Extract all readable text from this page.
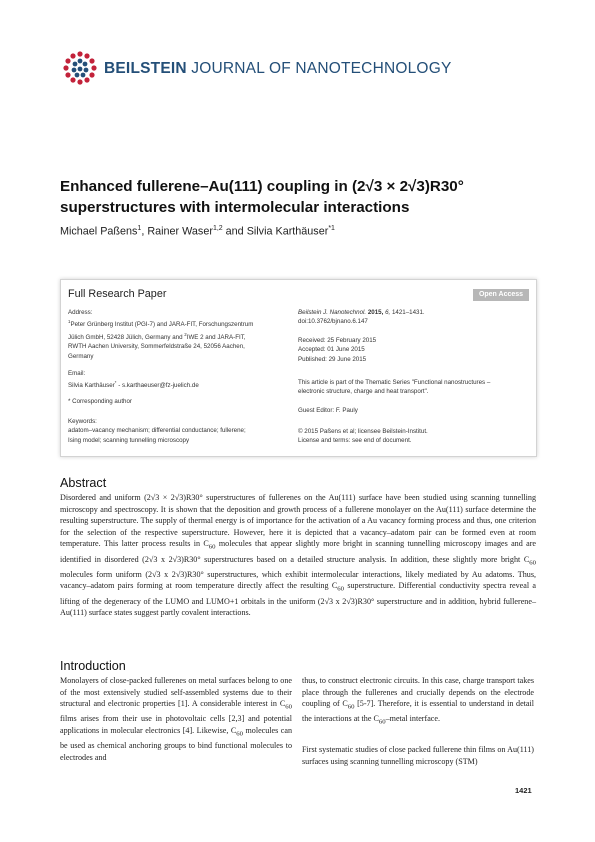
BEILSTEIN JOURNAL OF NANOTECHNOLOGY
Enhanced fullerene–Au(111) coupling in (2√3 × 2√3)R30° superstructures with intermolecular interactions
Michael Paßens$^1$, Rainer Waser$^{1,2}$ and Silvia Karthäuser$^{*1}$
Full Research Paper	Open Access
Address:
$^1$Peter Grünberg Institut (PGI-7) and JARA-FIT, Forschungszentrum
Jülich GmbH, 52428 Jülich, Germany and $^2$IWE 2 and JARA-FIT,
RWTH Aachen University, Sommerfeldstraße 24, 52056 Aachen,
Germany
Email:
Silvia Karthäuser* - s.karthaeuser@fz-juelich.de
* Corresponding author
Keywords:
adatom–vacancy mechanism; differential conductance; fullerene;
Ising model; scanning tunnelling microscopy
Beilstein J. Nanotechnol. 2015, 6, 1421–1431.
doi:10.3762/bjnano.6.147
Received: 25 February 2015
Accepted: 01 June 2015
Published: 29 June 2015
This article is part of the Thematic Series "Functional nanostructures –
electronic structure, charge and heat transport".
Guest Editor: F. Pauly
© 2015 Paßens et al; licensee Beilstein-Institut.
License and terms: see end of document.
Abstract
Disordered and uniform (2√3 × 2√3)R30° superstructures of fullerenes on the Au(111) surface have been studied using scanning tunnelling microscopy and spectroscopy. It is shown that the deposition and growth process of a fullerene monolayer on the Au(111) surface determine the resulting superstructure. The supply of thermal energy is of importance for the activation of a Au vacancy forming process and thus, one criterion for the selection of the respective superstructure. However, here it is depicted that a vacancy–adatom pair can be formed even at room temperature. This latter process results in $C_{60}$ molecules that appear slightly more bright in scanning tunnelling microscopy images and are identified in disordered (2√3 x 2√3)R30° superstructures based on a detailed structure analysis. In addition, these slightly more bright $C_{60}$ molecules form uniform (2√3 x 2√3)R30° superstructures, which exhibit intermolecular interactions, likely mediated by Au adatoms. Thus, vacancy–adatom pairs forming at room temperature directly affect the resulting $C_{60}$ superstructure. Differential conductivity spectra reveal a lifting of the degeneracy of the LUMO and LUMO+1 orbitals in the uniform (2√3 x 2√3)R30° superstructure and in addition, hybrid fullerene–Au(111) surface states suggest partly covalent interactions.
Introduction
Monolayers of close-packed fullerenes on metal surfaces belong to one of the most extensively studied self-assembled systems due to their structural and electronic properties [1]. A considerable interest in $C_{60}$ films arises from their use in photovoltaic cells [2,3] and potential applications in molecular electronics [4]. Likewise, $C_{60}$ molecules can be used as chemical anchoring groups to bind functional molecules to electrodes and
thus, to construct electronic circuits. In this case, charge transport takes place through the fullerenes and crucially depends on the electrode coupling of $C_{60}$ [5-7]. Therefore, it is essential to understand in detail the interactions at the $C_{60}$–metal interface.
First systematic studies of close packed fullerene thin films on Au(111) surfaces using scanning tunnelling microscopy (STM)
1421
